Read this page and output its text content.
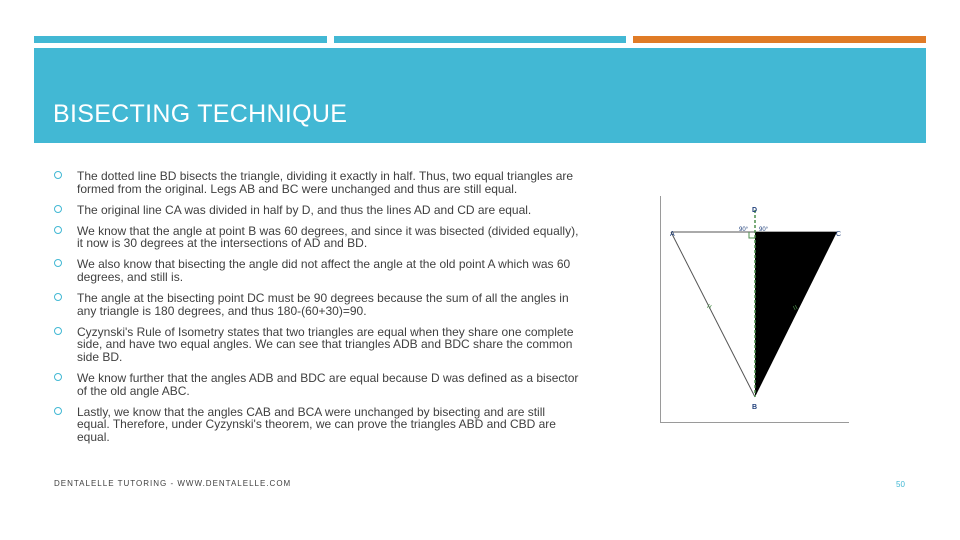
BISECTING TECHNIQUE
The dotted line BD bisects the triangle, dividing it exactly in half. Thus, two equal triangles are formed from the original. Legs AB and BC were unchanged and thus are still equal.
The original line CA was divided in half by D, and thus the lines AD and CD are equal.
We know that the angle at point B was 60 degrees, and since it was bisected (divided equally), it now is 30 degrees at the intersections of AD and BD.
We also know that bisecting the angle did not affect the angle at the old point A which was 60 degrees, and still is.
The angle at the bisecting point DC must be 90 degrees because the sum of all the angles in any triangle is 180 degrees, and thus 180-(60+30)=90.
Cyzynski's Rule of Isometry states that two triangles are equal when they share one complete side, and have two equal angles. We can see that triangles ADB and BDC share the common side BD.
We know further that the angles ADB and BDC are equal because D was defined as a bisector of the old angle ABC.
Lastly, we know that the angles CAB and BCA were unchanged by bisecting and are still equal. Therefore, under Cyzynski's theorem, we can prove the triangles ABD and CBD are equal.
=	=
D
A	C
B
90° 90°
DENTALELLE TUTORING - WWW.DENTALELLE.COM	50
